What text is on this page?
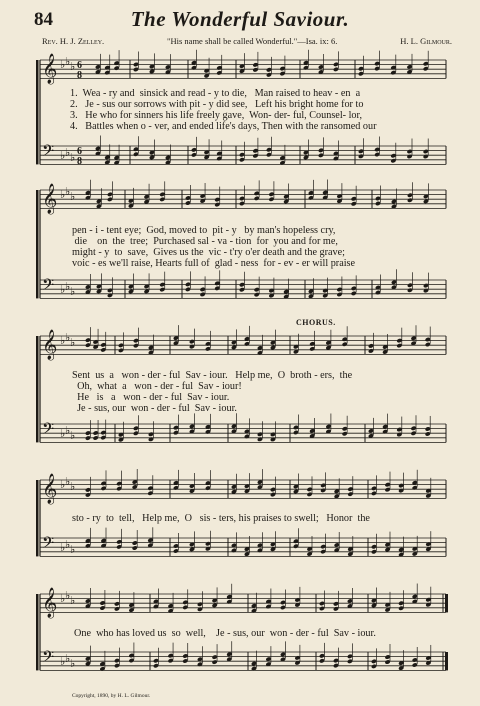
84	The Wonderful Saviour.
Rev. H. J. Zelley.	"His name shall be called Wonderful."—Isa. ix: 6.	H. L. Gilmour.
𝄞 ♭ ♭ ♭ 6
8
𝄢 ♭ ♭ ♭ 6
8
𝄞 ♭ ♭ ♭
𝄢 ♭ ♭ ♭
𝄞 ♭ ♭ ♭
𝄢 ♭ ♭ ♭
𝄞 ♭ ♭ ♭
𝄢 ♭ ♭ ♭
𝄞 ♭ ♭ ♭
𝄢 ♭ ♭ ♭
CHORUS.
1.  Wea - ry and  sinsick and read - y to die,   Man raised to heav - en  a
2.   Je - sus our sorrows with pit - y did see,   Left his bright home for to
3.   He who for sinners his life freely gave,  Won- der- ful, Counsel- lor,
4.   Battles when o - ver, and ended life's days, Then with the ransomed our
pen - i - tent eye;  God, moved to  pit - y   by man's hopeless cry,
die    on  the  tree;  Purchased sal - va - tion  for  you and for me,
might - y  to  save,  Gives us the  vic - t'ry o'er death and the grave;
voic - es we'll raise, Hearts full of  glad - ness  for - ev - er will praise
Sent  us  a   won - der - ful  Sav - iour.   Help me,  O  broth - ers,  the
Oh,  what  a   won - der - ful  Sav - iour!
He   is   a   won - der - ful  Sav - iour.
Je - sus, our  won - der - ful  Sav - iour.
sto - ry  to  tell,   Help me,  O   sis - ters, his praises to swell;   Honor  the
One  who has loved us  so  well,    Je - sus, our  won - der - ful  Sav - iour.
Copyright, 1890, by H. L. Gilmour.
